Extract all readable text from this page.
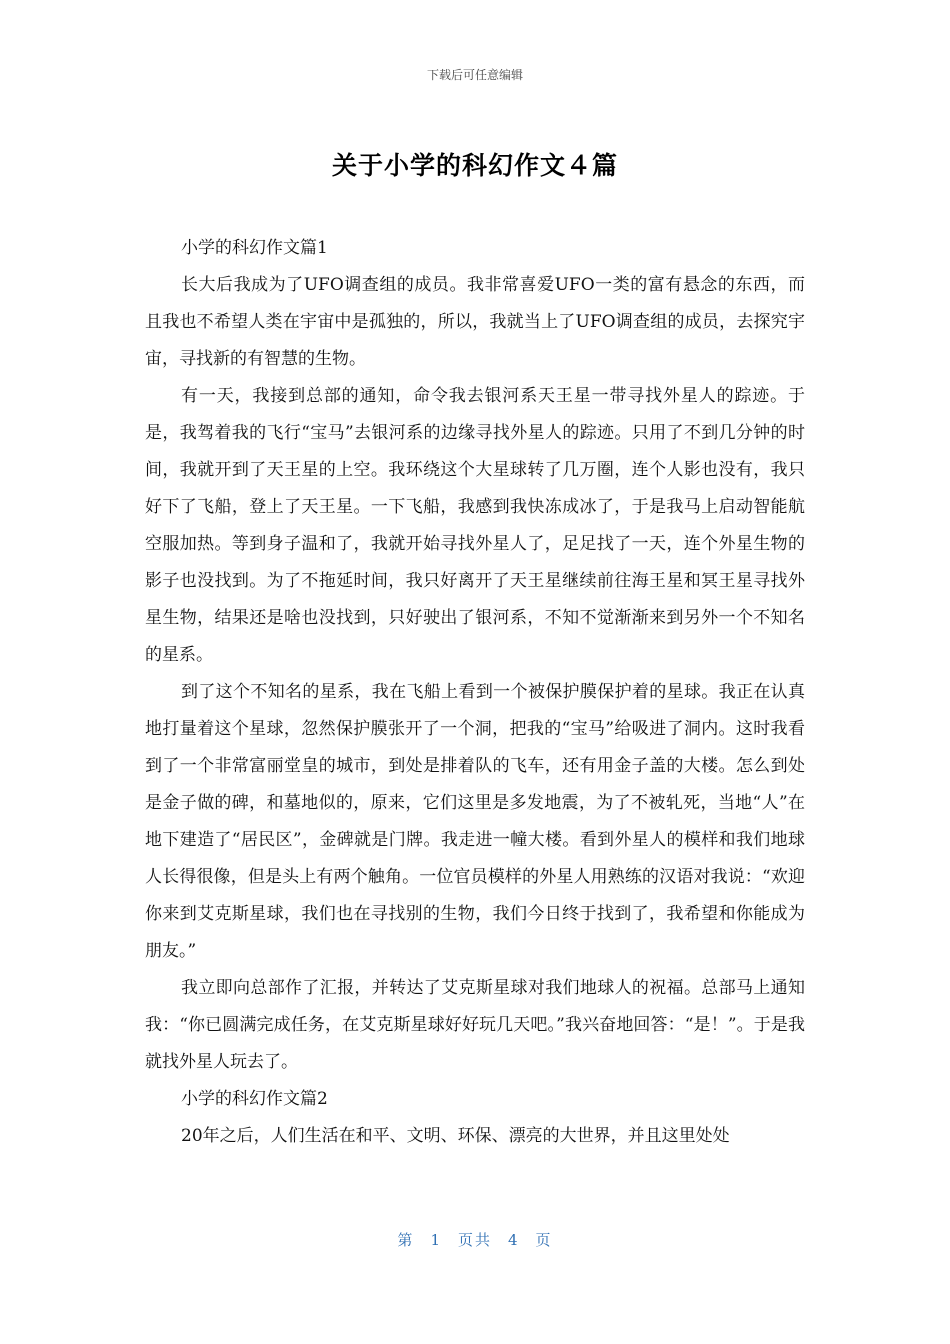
下载后可任意编辑
关于小学的科幻作文４篇

小学的科幻作文篇1

长大后我成为了UFO调查组的成员。我非常喜爱UFO一类的富有悬念的东西，而且我也不希望人类在宇宙中是孤独的，所以，我就当上了UFO调查组的成员，去探究宇宙，寻找新的有智慧的生物。

有一天，我接到总部的通知，命令我去银河系天王星一带寻找外星人的踪迹。于是，我驾着我的飞行“宝马”去银河系的边缘寻找外星人的踪迹。只用了不到几分钟的时间，我就开到了天王星的上空。我环绕这个大星球转了几万圈，连个人影也没有，我只好下了飞船，登上了天王星。一下飞船，我感到我快冻成冰了，于是我马上启动智能航空服加热。等到身子温和了，我就开始寻找外星人了，足足找了一天，连个外星生物的影子也没找到。为了不拖延时间，我只好离开了天王星继续前往海王星和冥王星寻找外星生物，结果还是啥也没找到，只好驶出了银河系，不知不觉渐渐来到另外一个不知名的星系。

到了这个不知名的星系，我在飞船上看到一个被保护膜保护着的星球。我正在认真地打量着这个星球，忽然保护膜张开了一个洞，把我的“宝马”给吸进了洞内。这时我看到了一个非常富丽堂皇的城市，到处是排着队的飞车，还有用金子盖的大楼。怎么到处是金子做的碑，和墓地似的，原来，它们这里是多发地震，为了不被轧死，当地“人”在地下建造了“居民区”，金碑就是门牌。我走进一幢大楼。看到外星人的模样和我们地球人长得很像，但是头上有两个触角。一位官员模样的外星人用熟练的汉语对我说：“欢迎你来到艾克斯星球，我们也在寻找别的生物，我们今日终于找到了，我希望和你能成为朋友。”

我立即向总部作了汇报，并转达了艾克斯星球对我们地球人的祝福。总部马上通知我：“你已圆满完成任务，在艾克斯星球好好玩几天吧。”我兴奋地回答：“是！”。于是我就找外星人玩去了。

小学的科幻作文篇2

20年之后，人们生活在和平、文明、环保、漂亮的大世界，并且这里处处

第 1 页共 4 页
